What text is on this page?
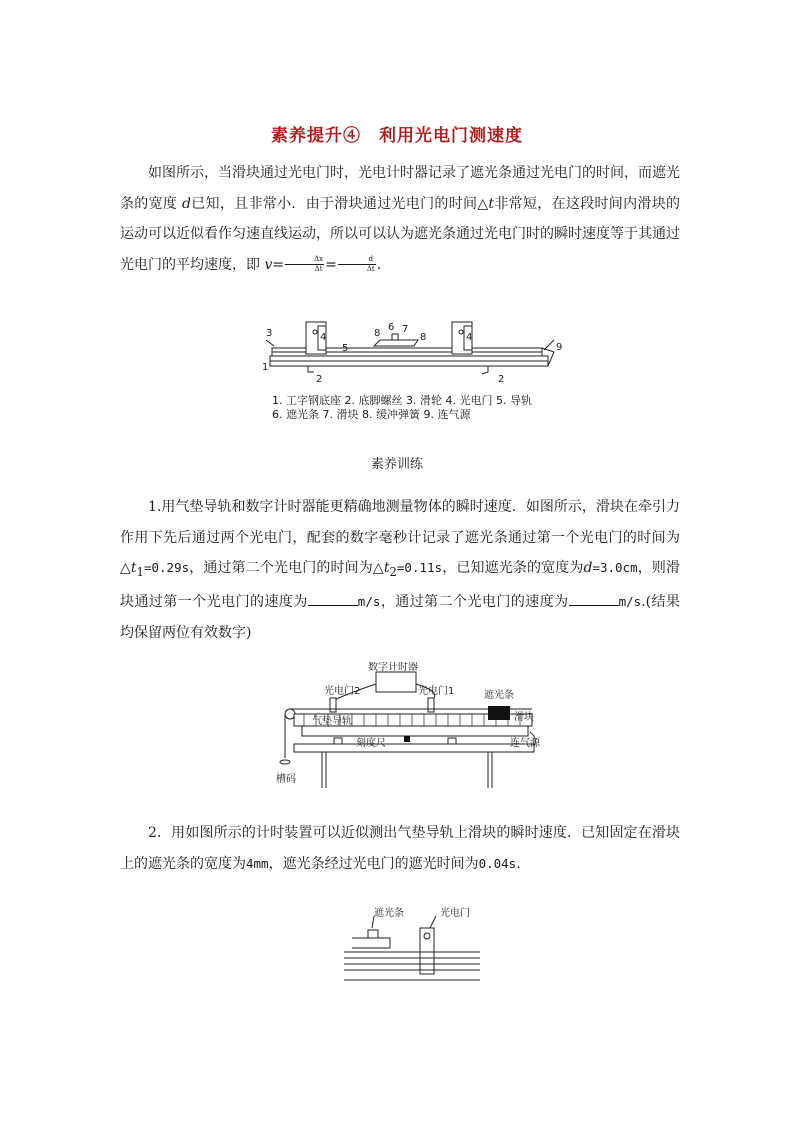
素养提升④　利用光电门测速度
如图所示，当滑块通过光电门时，光电计时器记录了遮光条通过光电门的时间，而遮光条的宽度 d已知，且非常小．由于滑块通过光电门的时间△t非常短，在这段时间内滑块的运动可以近似看作匀速直线运动，所以可以认为遮光条通过光电门时的瞬时速度等于其通过光电门的平均速度，即 $v= \frac{\Delta x}{\Delta t} = \frac{d}{\Delta t}$ .
3	4	4
5
8
6 7
8
9
1
2	2
1. 工字钢底座 2. 底脚螺丝 3. 滑轮 4. 光电门 5. 导轨
6. 遮光条 7. 滑块 8. 缓冲弹簧 9. 连气源
素养训练
1.用气垫导轨和数字计时器能更精确地测量物体的瞬时速度．如图所示，滑块在牵引力作用下先后通过两个光电门，配套的数字毫秒计记录了遮光条通过第一个光电门的时间为$\triangle t_1=0.29s$，通过第二个光电门的时间为$\triangle t_2=0.11s$，已知遮光条的宽度为d=3.0cm，则滑块通过第一个光电门的速度为	m/s，通过第二个光电门的速度为	m/s.(结果均保留两位有效数字)
数字计时器
光电门2	光电门1	遮光条
滑块
气垫导轨
刻度尺	连气源
槽码
2．用如图所示的计时装置可以近似测出气垫导轨上滑块的瞬时速度．已知固定在滑块上的遮光条的宽度为4mm，遮光条经过光电门的遮光时间为0.04s.
遮光条	光电门
